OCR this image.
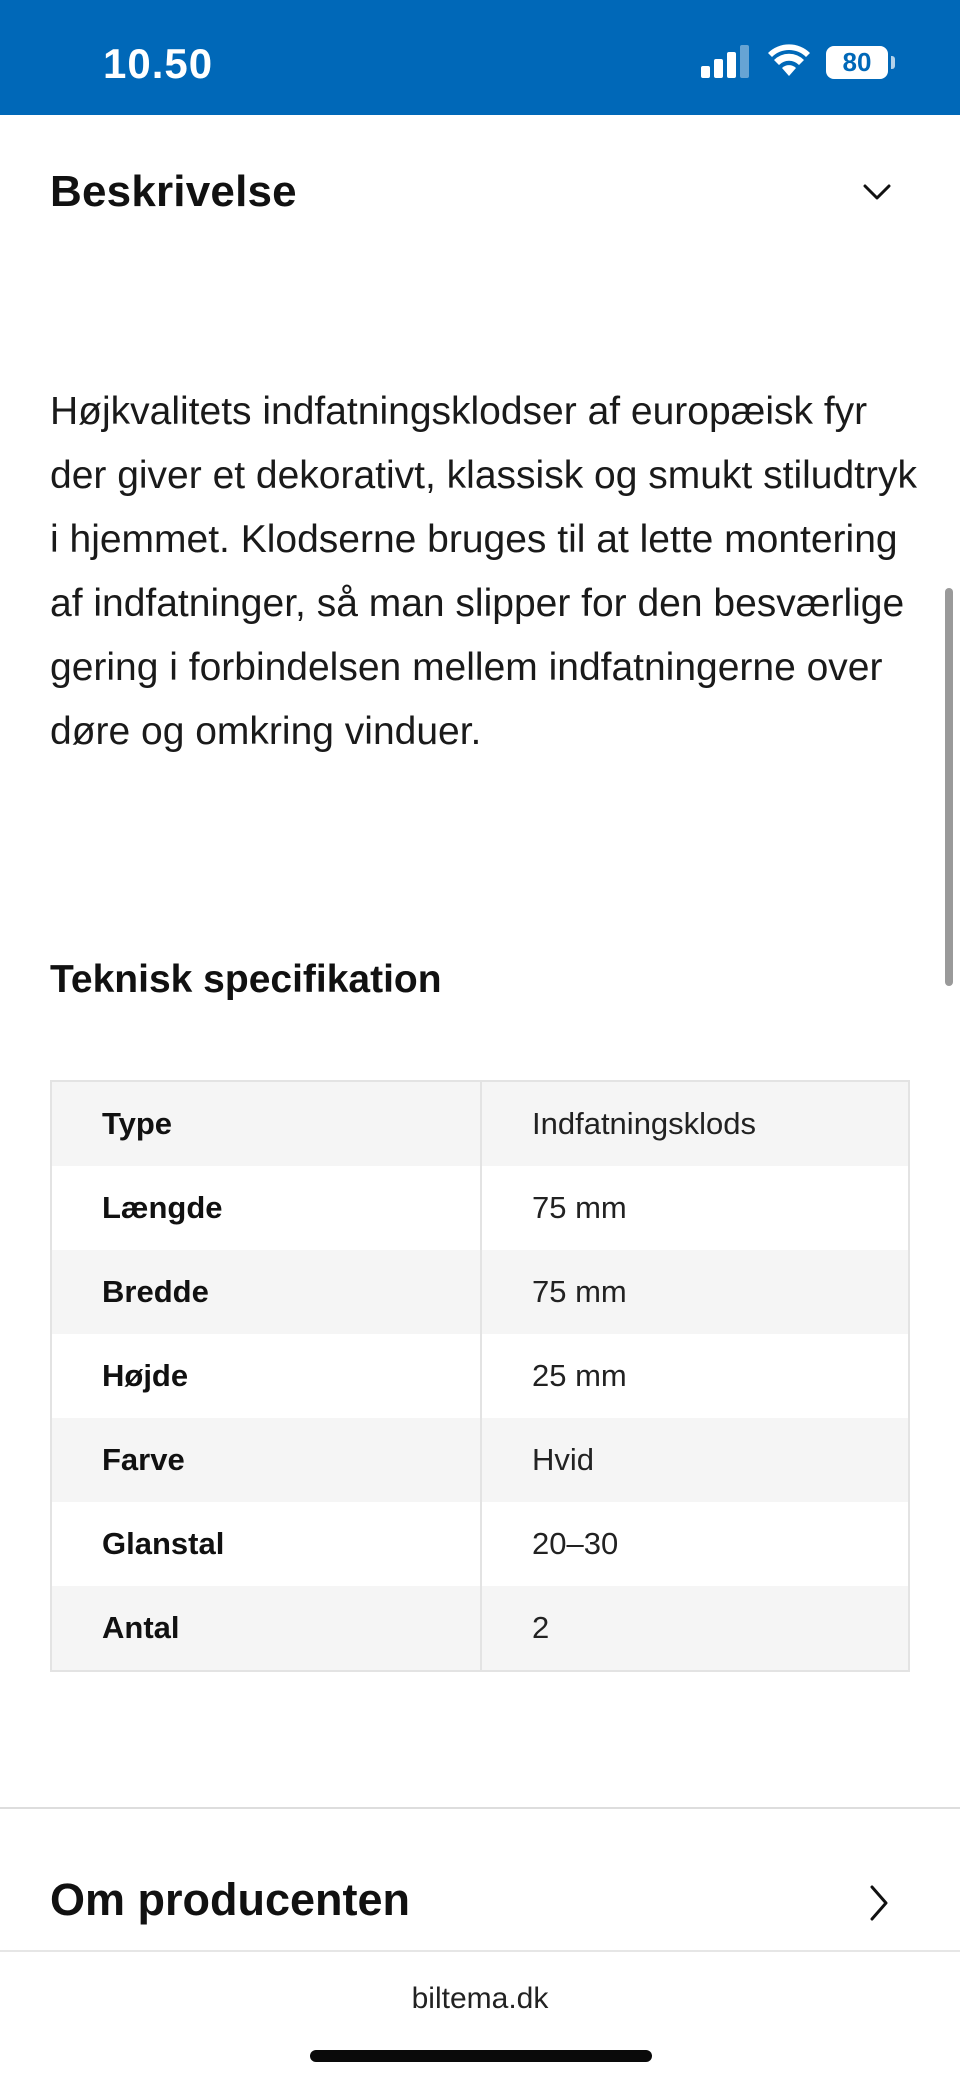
10.50	80
Beskrivelse
Højkvalitets indfatningsklodser af europæisk fyr der giver et dekorativt, klassisk og smukt stiludtryk i hjemmet. Klodserne bruges til at lette montering af indfatninger, så man slipper for den besværlige gering i forbindelsen mellem indfatningerne over døre og omkring vinduer.
Teknisk specifikation
Type	Indfatningsklods
Længde	75 mm
Bredde	75 mm
Højde	25 mm
Farve	Hvid
Glanstal	20–30
Antal	2
Om producenten
biltema.dk
